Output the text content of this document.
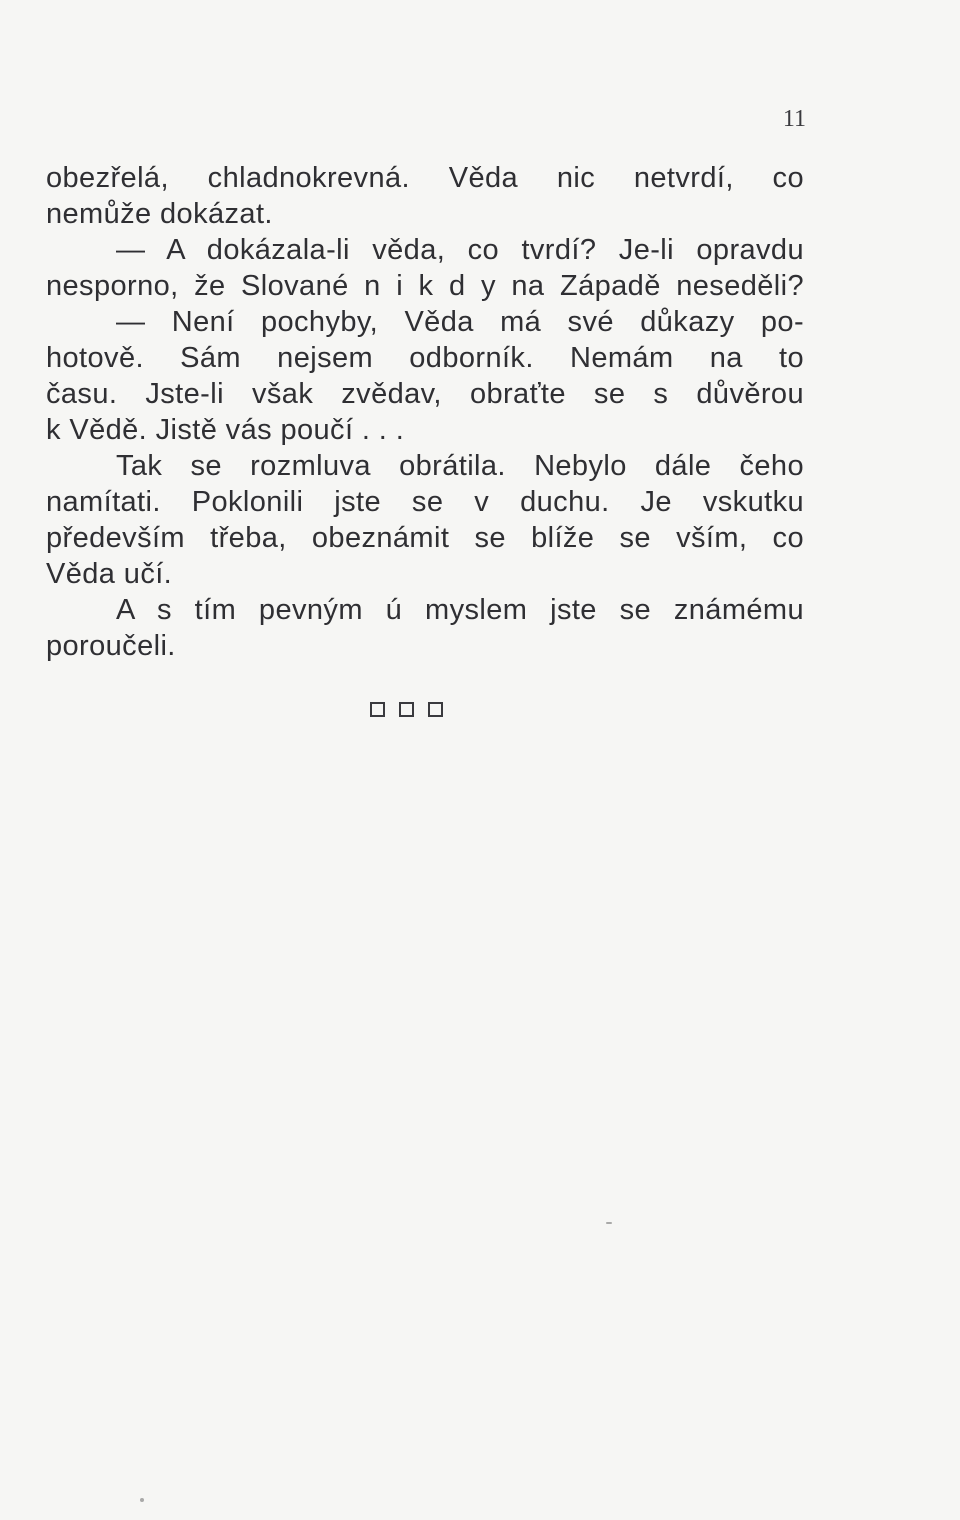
11
obezřelá, chladnokrevná. Věda nic netvrdí, co
nemůže dokázat.
— A dokázala-li věda, co tvrdí? Je-li opravdu
nesporno, že Slované n i k d y na Západě neseděli?
— Není pochyby, Věda má své důkazy po-
hotově. Sám nejsem odborník. Nemám na to
času. Jste-li však zvědav, obraťte se s důvěrou
k Vědě. Jistě vás poučí . . .
Tak se rozmluva obrátila. Nebylo dále čeho
namítati. Poklonili jste se v duchu. Je vskutku
především třeba, obeznámit se blíže se vším, co
Věda učí.
A s tím pevným ú myslem jste se známému
poroučeli.
